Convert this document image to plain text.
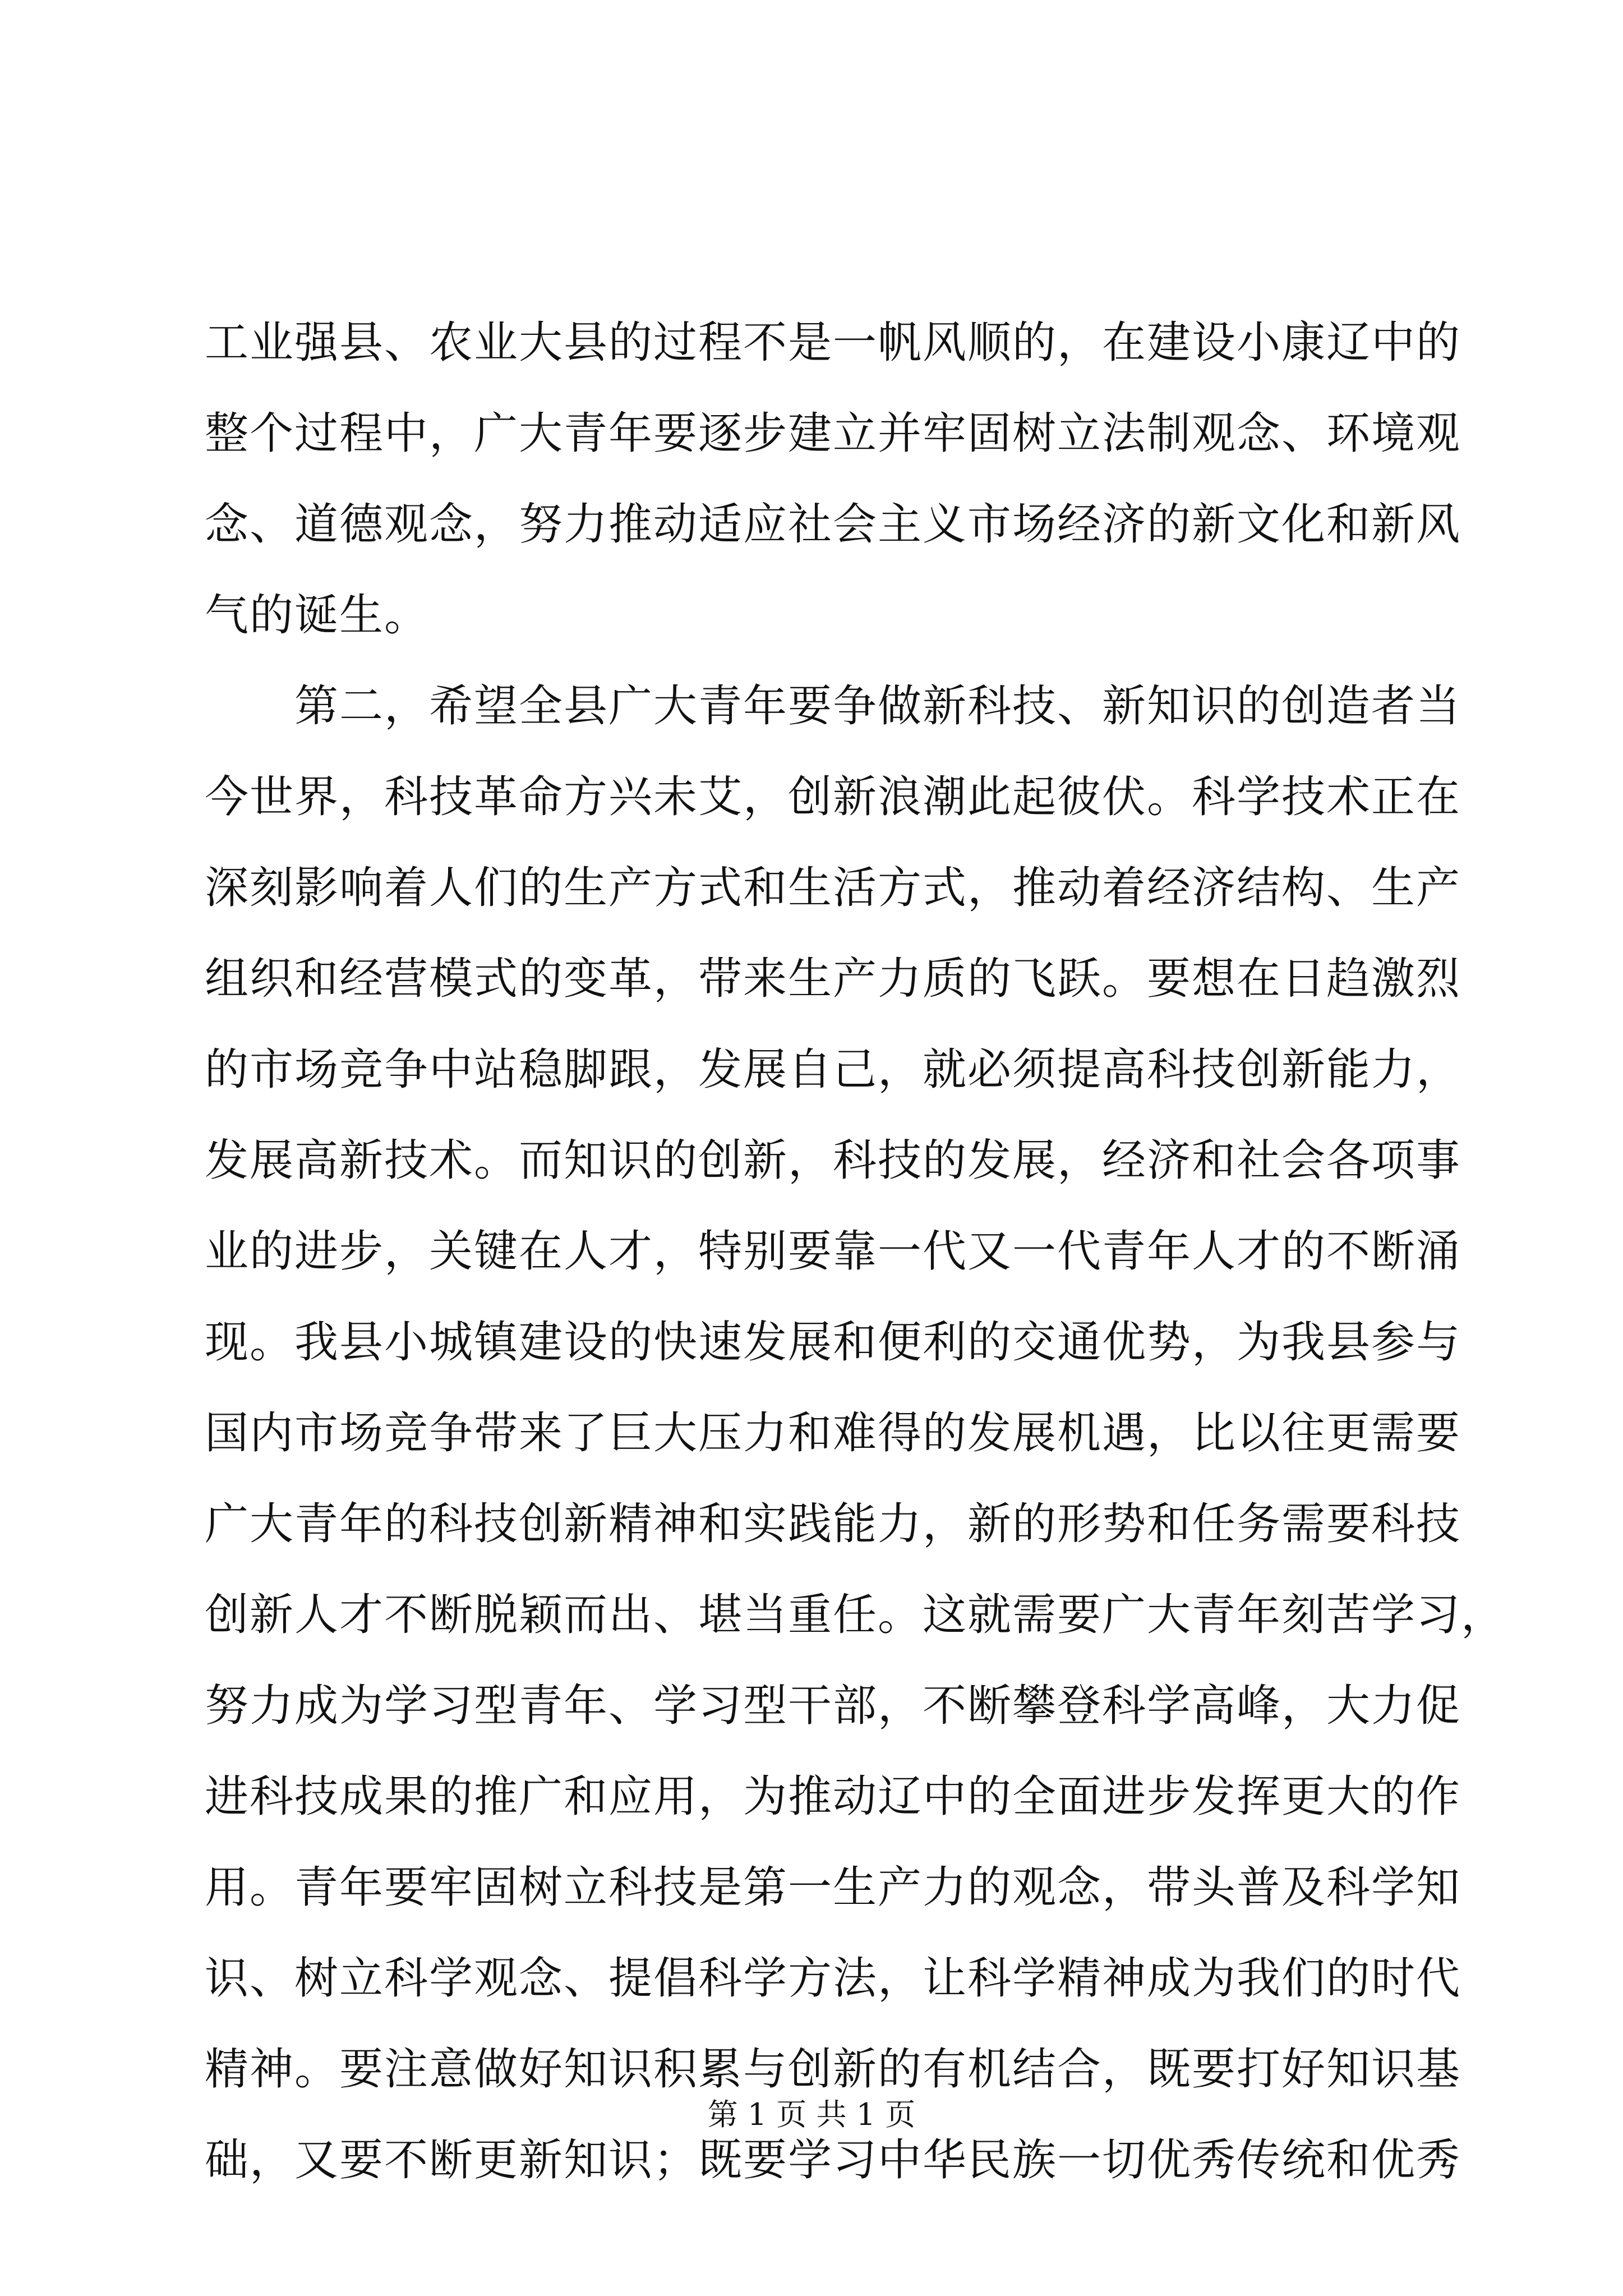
工业强县、农业大县的过程不是一帆风顺的，在建设小康辽中的
整个过程中，广大青年要逐步建立并牢固树立法制观念、环境观
念、道德观念，努力推动适应社会主义市场经济的新文化和新风
气的诞生。
第二，希望全县广大青年要争做新科技、新知识的创造者当
今世界，科技革命方兴未艾，创新浪潮此起彼伏。科学技术正在
深刻影响着人们的生产方式和生活方式，推动着经济结构、生产
组织和经营模式的变革，带来生产力质的飞跃。要想在日趋激烈
的市场竞争中站稳脚跟，发展自己，就必须提高科技创新能力，
发展高新技术。而知识的创新，科技的发展，经济和社会各项事
业的进步，关键在人才，特别要靠一代又一代青年人才的不断涌
现。我县小城镇建设的快速发展和便利的交通优势，为我县参与
国内市场竞争带来了巨大压力和难得的发展机遇，比以往更需要
广大青年的科技创新精神和实践能力，新的形势和任务需要科技
创新人才不断脱颖而出、堪当重任。这就需要广大青年刻苦学习，
努力成为学习型青年、学习型干部，不断攀登科学高峰，大力促
进科技成果的推广和应用，为推动辽中的全面进步发挥更大的作
用。青年要牢固树立科技是第一生产力的观念，带头普及科学知
识、树立科学观念、提倡科学方法，让科学精神成为我们的时代
精神。要注意做好知识积累与创新的有机结合，既要打好知识基
础，又要不断更新知识；既要学习中华民族一切优秀传统和优秀
第 1 页 共 1 页
